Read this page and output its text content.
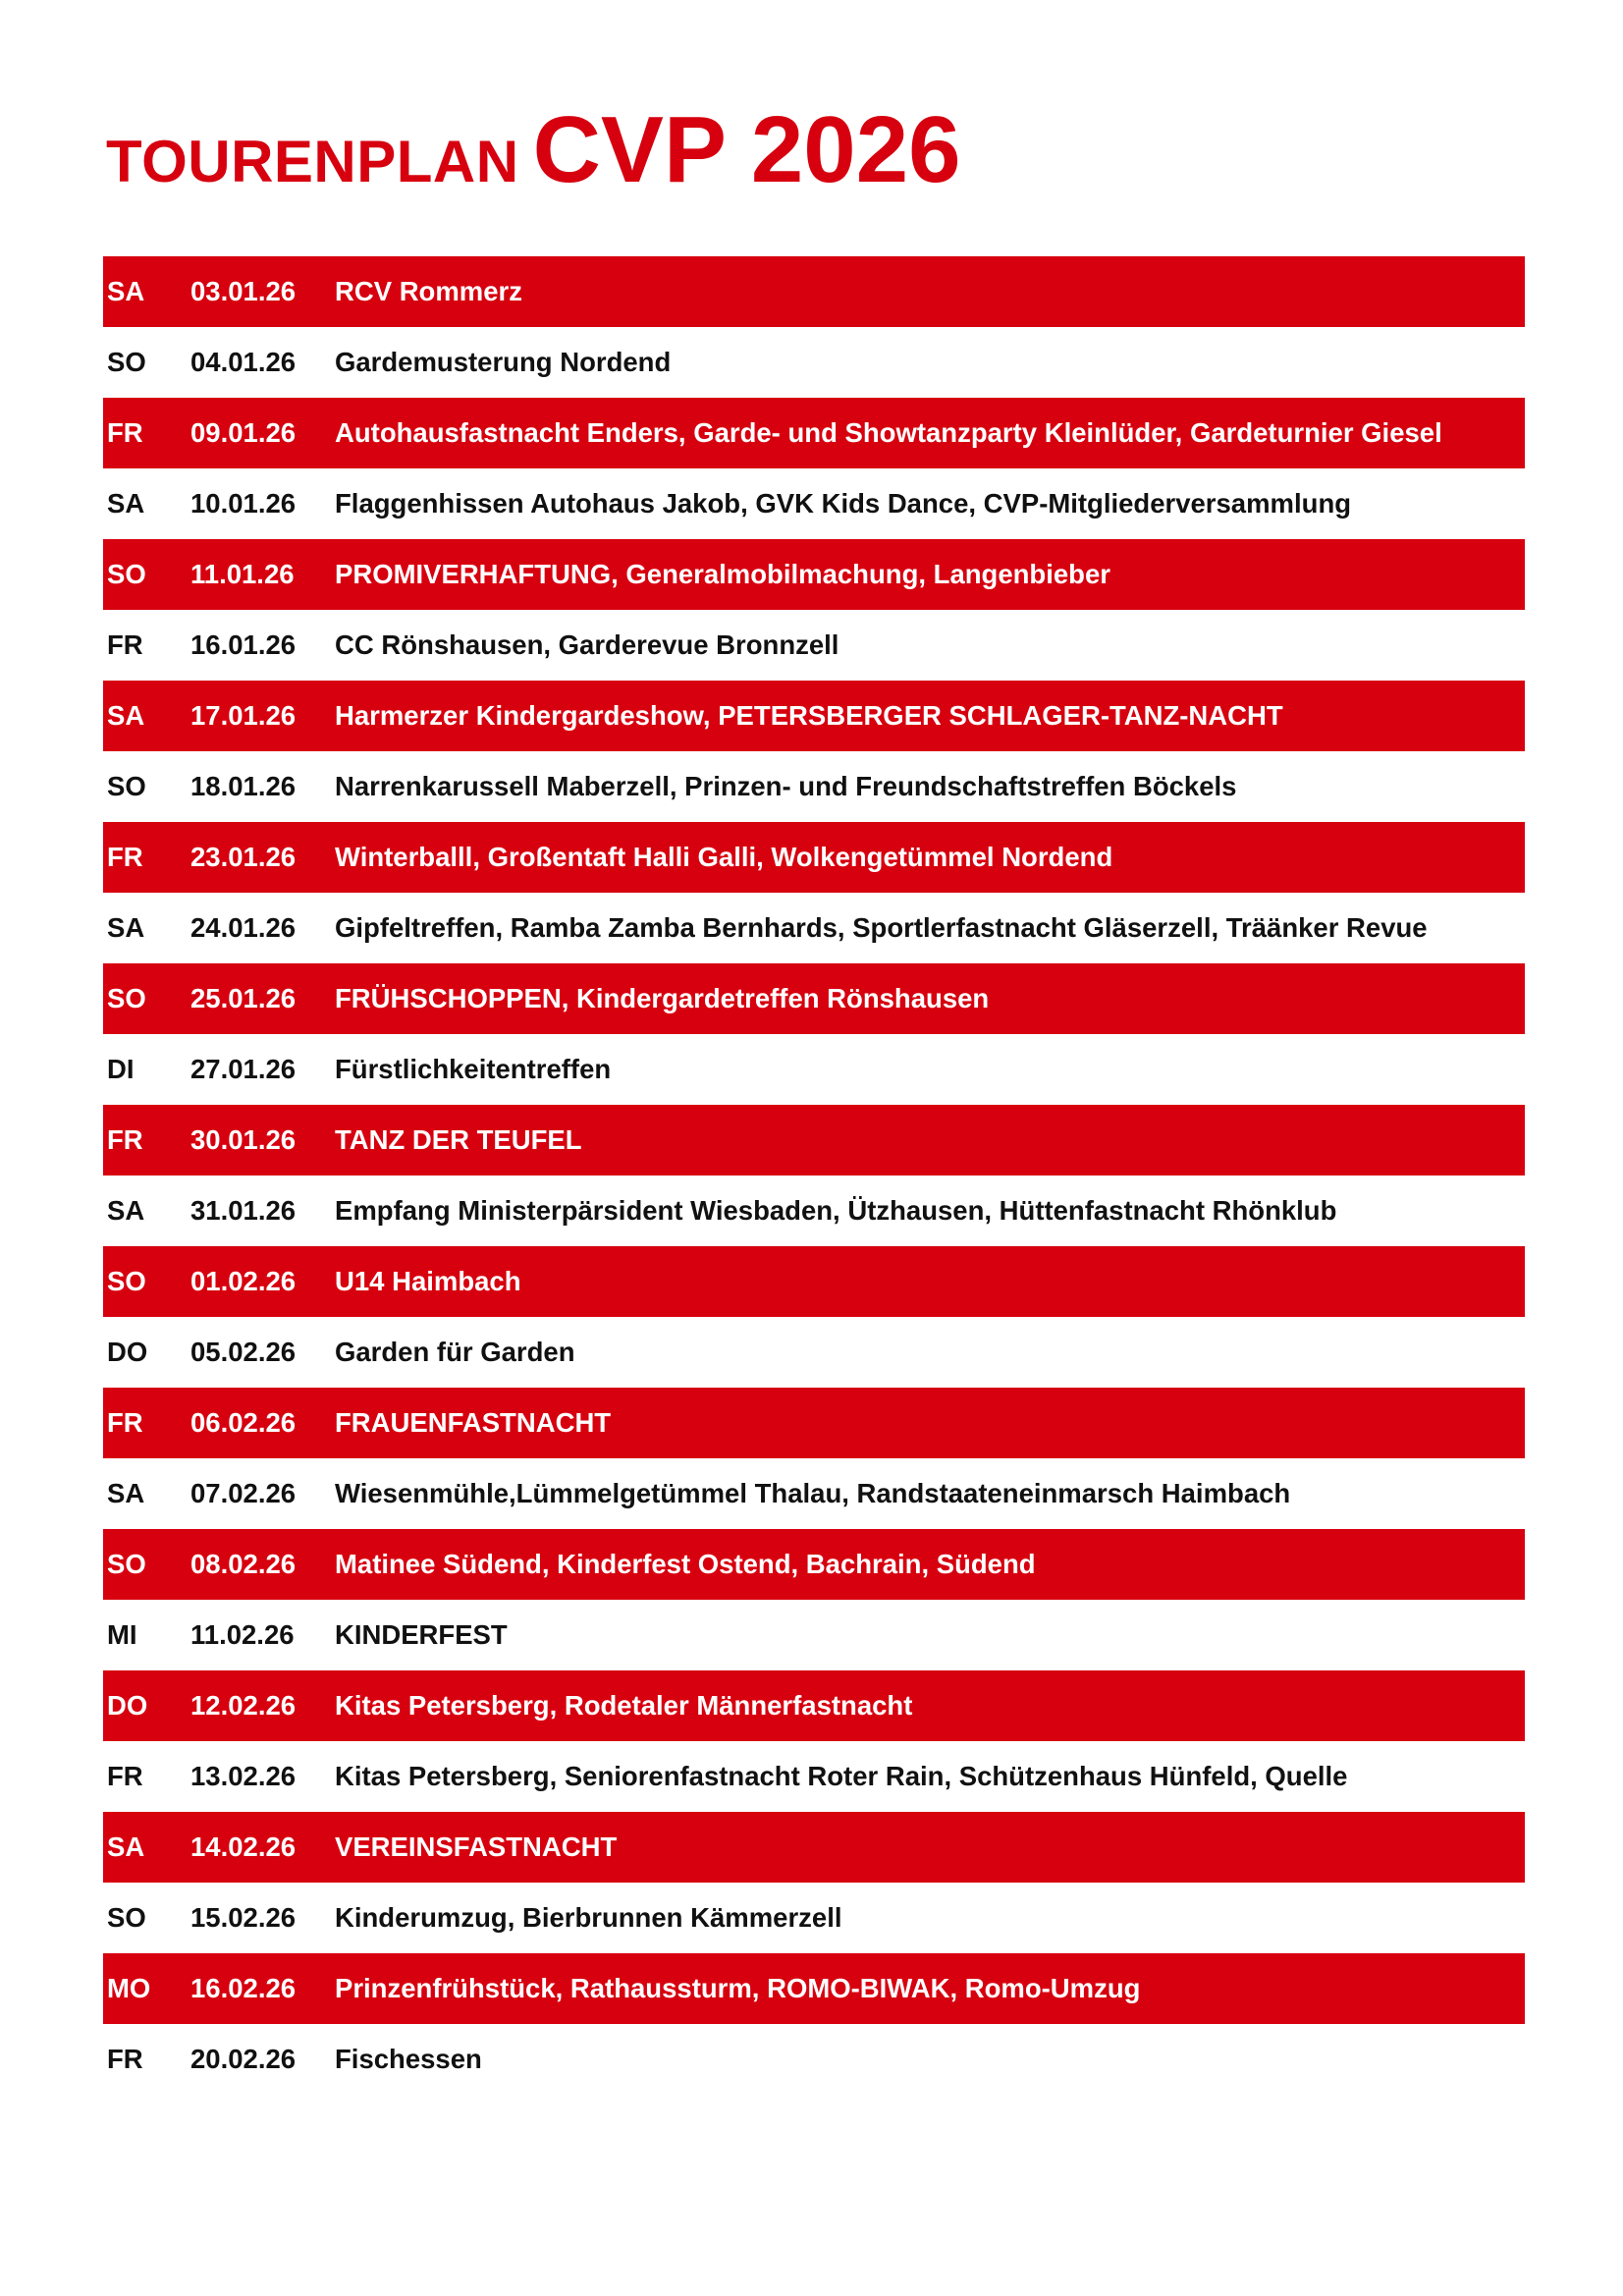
TOURENPLAN CVP 2026
SA 03.01.26 RCV Rommerz
SO 04.01.26 Gardemusterung Nordend
FR 09.01.26 Autohausfastnacht Enders, Garde- und Showtanzparty Kleinlüder, Gardeturnier Giesel
SA 10.01.26 Flaggenhissen Autohaus Jakob, GVK Kids Dance, CVP-Mitgliederversammlung
SO 11.01.26 PROMIVERHAFTUNG, Generalmobilmachung, Langenbieber
FR 16.01.26 CC Rönshausen, Garderevue Bronnzell
SA 17.01.26 Harmerzer Kindergardeshow, PETERSBERGER SCHLAGER-TANZ-NACHT
SO 18.01.26 Narrenkarussell Maberzell, Prinzen- und Freundschaftstreffen Böckels
FR 23.01.26 Winterballl, Großentaft Halli Galli, Wolkengetümmel Nordend
SA 24.01.26 Gipfeltreffen, Ramba Zamba Bernhards, Sportlerfastnacht Gläserzell, Träänker Revue
SO 25.01.26 FRÜHSCHOPPEN, Kindergardetreffen Rönshausen
DI 27.01.26 Fürstlichkeitentreffen
FR 30.01.26 TANZ DER TEUFEL
SA 31.01.26 Empfang Ministerpärsident Wiesbaden, Ützhausen, Hüttenfastnacht Rhönklub
SO 01.02.26 U14 Haimbach
DO 05.02.26 Garden für Garden
FR 06.02.26 FRAUENFASTNACHT
SA 07.02.26 Wiesenmühle,Lümmelgetümmel Thalau, Randstaateneinmarsch Haimbach
SO 08.02.26 Matinee Südend, Kinderfest Ostend, Bachrain, Südend
MI 11.02.26 KINDERFEST
DO 12.02.26 Kitas Petersberg, Rodetaler Männerfastnacht
FR 13.02.26 Kitas Petersberg, Seniorenfastnacht Roter Rain, Schützenhaus Hünfeld, Quelle
SA 14.02.26 VEREINSFASTNACHT
SO 15.02.26 Kinderumzug, Bierbrunnen Kämmerzell
MO 16.02.26 Prinzenfrühstück, Rathaussturm, ROMO-BIWAK, Romo-Umzug
FR 20.02.26 Fischessen
